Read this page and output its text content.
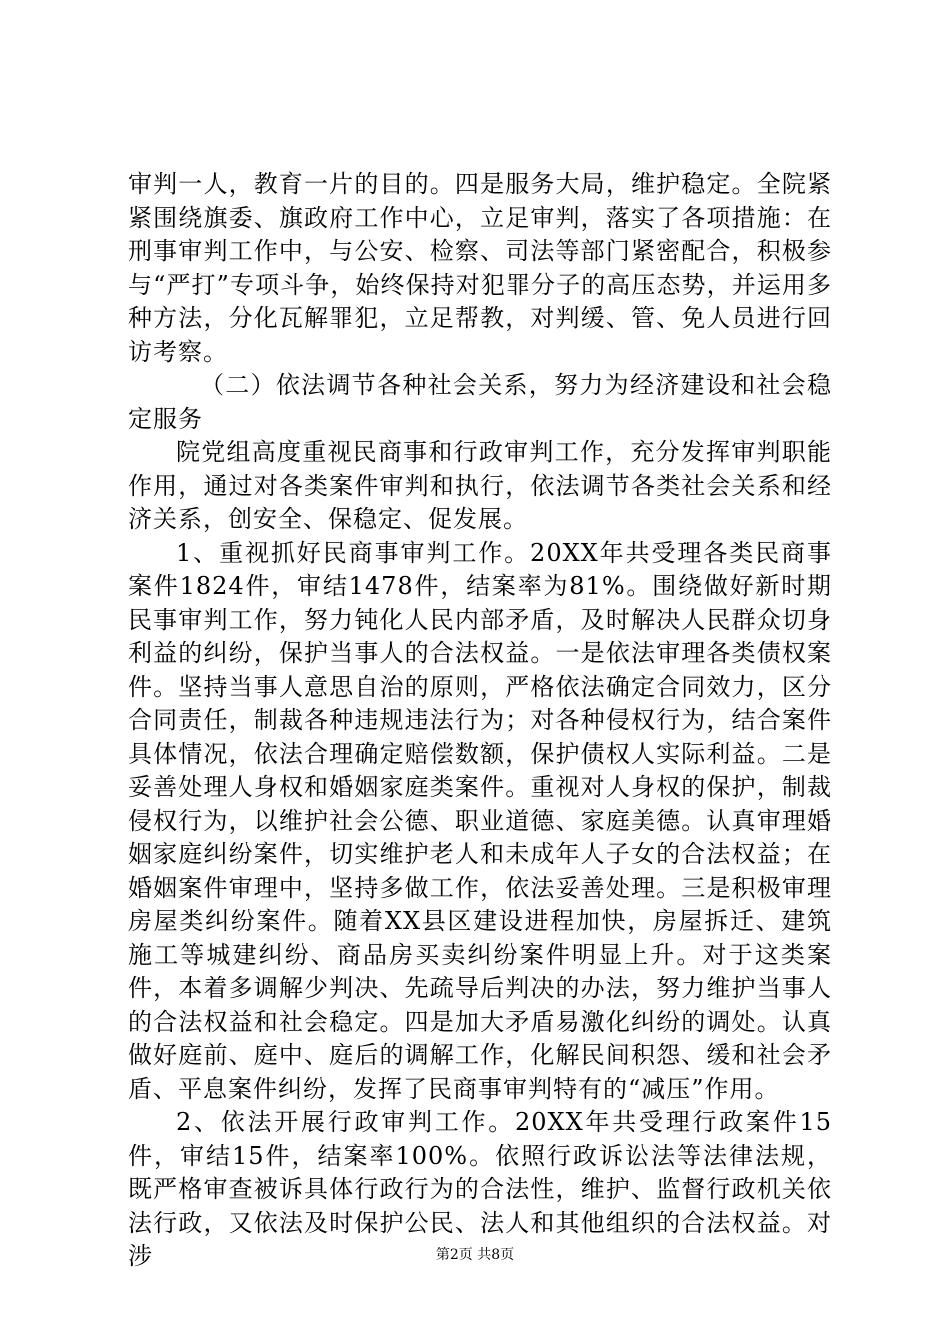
审判一人，教育一片的目的。四是服务大局，维护稳定。全院紧紧围绕旗委、旗政府工作中心，立足审判，落实了各项措施：在刑事审判工作中，与公安、检察、司法等部门紧密配合，积极参与“严打”专项斗争，始终保持对犯罪分子的高压态势，并运用多种方法，分化瓦解罪犯，立足帮教，对判缓、管、免人员进行回访考察。

（二）依法调节各种社会关系，努力为经济建设和社会稳定服务

院党组高度重视民商事和行政审判工作，充分发挥审判职能作用，通过对各类案件审判和执行，依法调节各类社会关系和经济关系，创安全、保稳定、促发展。

1、重视抓好民商事审判工作。20XX年共受理各类民商事案件1824件，审结1478件，结案率为81%。围绕做好新时期民事审判工作，努力钝化人民内部矛盾，及时解决人民群众切身利益的纠纷，保护当事人的合法权益。一是依法审理各类债权案件。坚持当事人意思自治的原则，严格依法确定合同效力，区分合同责任，制裁各种违规违法行为；对各种侵权行为，结合案件具体情况，依法合理确定赔偿数额，保护债权人实际利益。二是妥善处理人身权和婚姻家庭类案件。重视对人身权的保护，制裁侵权行为，以维护社会公德、职业道德、家庭美德。认真审理婚姻家庭纠纷案件，切实维护老人和未成年人子女的合法权益；在婚姻案件审理中，坚持多做工作，依法妥善处理。三是积极审理房屋类纠纷案件。随着XX县区建设进程加快，房屋拆迁、建筑施工等城建纠纷、商品房买卖纠纷案件明显上升。对于这类案件，本着多调解少判决、先疏导后判决的办法，努力维护当事人的合法权益和社会稳定。四是加大矛盾易激化纠纷的调处。认真做好庭前、庭中、庭后的调解工作，化解民间积怨、缓和社会矛盾、平息案件纠纷，发挥了民商事审判特有的“减压”作用。

2、依法开展行政审判工作。20XX年共受理行政案件15件，审结15件，结案率100%。依照行政诉讼法等法律法规，既严格审查被诉具体行政行为的合法性，维护、监督行政机关依法行政，又依法及时保护公民、法人和其他组织的合法权益。对涉	第2页 共8页
